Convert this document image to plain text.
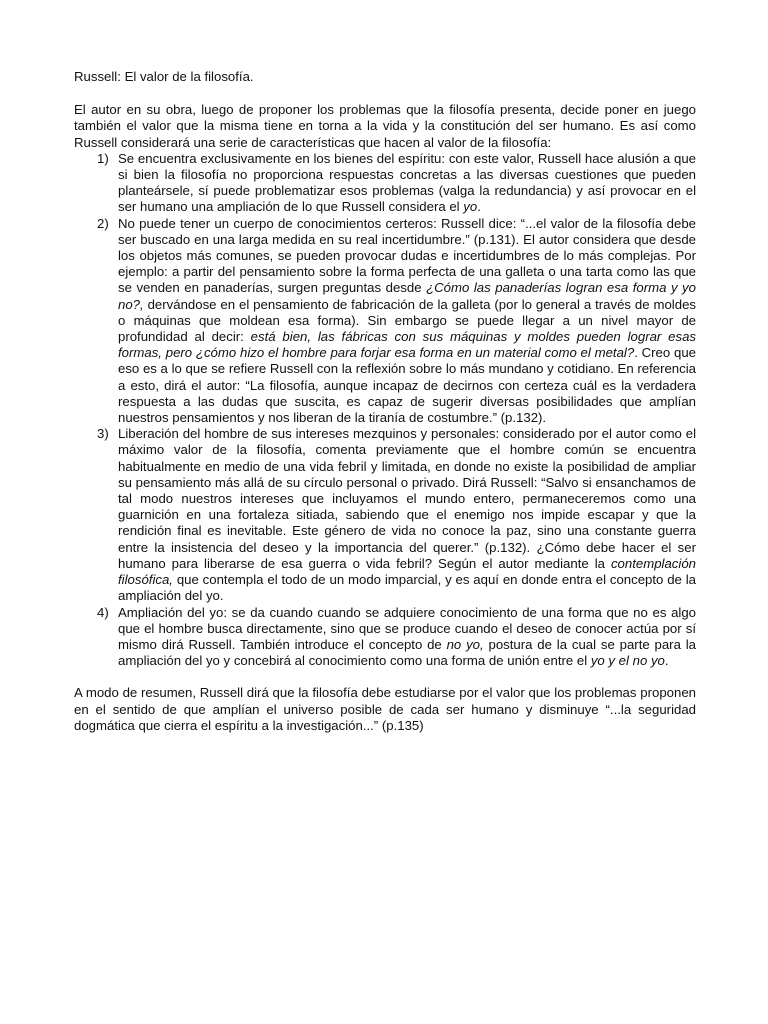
Russell: El valor de la filosofía.

El autor en su obra, luego de proponer los problemas que la filosofía presenta, decide poner en juego también el valor que la misma tiene en torna a la vida y la constitución del ser humano. Es así como Russell considerará una serie de características que hacen al valor de la filosofía:

1) Se encuentra exclusivamente en los bienes del espíritu: con este valor, Russell hace alusión a que si bien la filosofía no proporciona respuestas concretas a las diversas cuestiones que pueden planteársele, sí puede problematizar esos problemas (valga la redundancia) y así provocar en el ser humano una ampliación de lo que Russell considera el yo.
2) No puede tener un cuerpo de conocimientos certeros: Russell dice: “...el valor de la filosofía debe ser buscado en una larga medida en su real incertidumbre.” (p.131). El autor considera que desde los objetos más comunes, se pueden provocar dudas e incertidumbres de lo más complejas. Por ejemplo: a partir del pensamiento sobre la forma perfecta de una galleta o una tarta como las que se venden en panaderías, surgen preguntas desde ¿Cómo las panaderías logran esa forma y yo no?, dervándose en el pensamiento de fabricación de la galleta (por lo general a través de moldes o máquinas que moldean esa forma). Sin embargo se puede llegar a un nivel mayor de profundidad al decir: está bien, las fábricas con sus máquinas y moldes pueden lograr esas formas, pero ¿cómo hizo el hombre para forjar esa forma en un material como el metal?. Creo que eso es a lo que se refiere Russell con la reflexión sobre lo más mundano y cotidiano. En referencia a esto, dirá el autor: “La filosofía, aunque incapaz de decirnos con certeza cuál es la verdadera respuesta a las dudas que suscita, es capaz de sugerir diversas posibilidades que amplían nuestros pensamientos y nos liberan de la tiranía de costumbre.” (p.132).
3) Liberación del hombre de sus intereses mezquinos y personales: considerado por el autor como el máximo valor de la filosofía, comenta previamente que el hombre común se encuentra habitualmente en medio de una vida febril y limitada, en donde no existe la posibilidad de ampliar su pensamiento más allá de su círculo personal o privado. Dirá Russell: “Salvo si ensanchamos de tal modo nuestros intereses que incluyamos el mundo entero, permaneceremos como una guarnición en una fortaleza sitiada, sabiendo que el enemigo nos impide escapar y que la rendición final es inevitable. Este género de vida no conoce la paz, sino una constante guerra entre la insistencia del deseo y la importancia del querer.” (p.132). ¿Cómo debe hacer el ser humano para liberarse de esa guerra o vida febril? Según el autor mediante la contemplación filosófica, que contempla el todo de un modo imparcial, y es aquí en donde entra el concepto de la ampliación del yo.
4) Ampliación del yo: se da cuando cuando se adquiere conocimiento de una forma que no es algo que el hombre busca directamente, sino que se produce cuando el deseo de conocer actúa por sí mismo dirá Russell. También introduce el concepto de no yo, postura de la cual se parte para la ampliación del yo y concebirá al conocimiento como una forma de unión entre el yo y el no yo.

A modo de resumen, Russell dirá que la filosofía debe estudiarse por el valor que los problemas proponen en el sentido de que amplían el universo posible de cada ser humano y disminuye “...la seguridad dogmática que cierra el espíritu a la investigación...” (p.135)
